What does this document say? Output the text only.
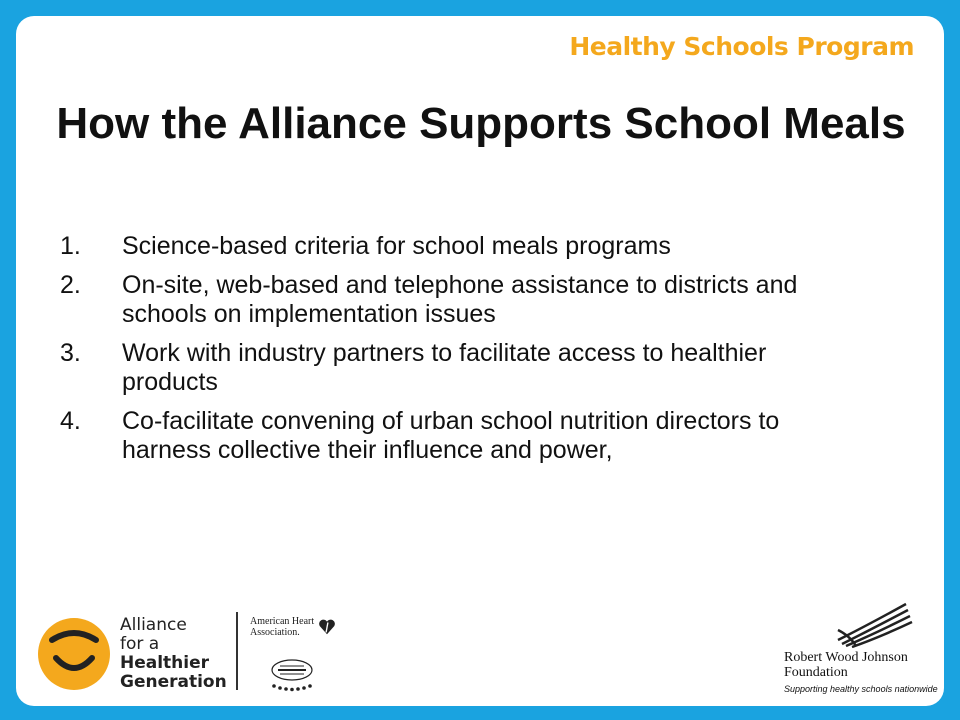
Healthy Schools Program
How the Alliance Supports School Meals
1.	Science-based criteria for school meals programs
2.	On-site, web-based and telephone assistance to districts and schools on implementation issues
3.	Work with industry partners to facilitate access to healthier products
4.	Co-facilitate convening of urban school nutrition directors to harness collective their influence and power,
Alliance
for a
Healthier
Generation
American Heart
Association.
Robert Wood Johnson
Foundation
Supporting healthy schools nationwide
